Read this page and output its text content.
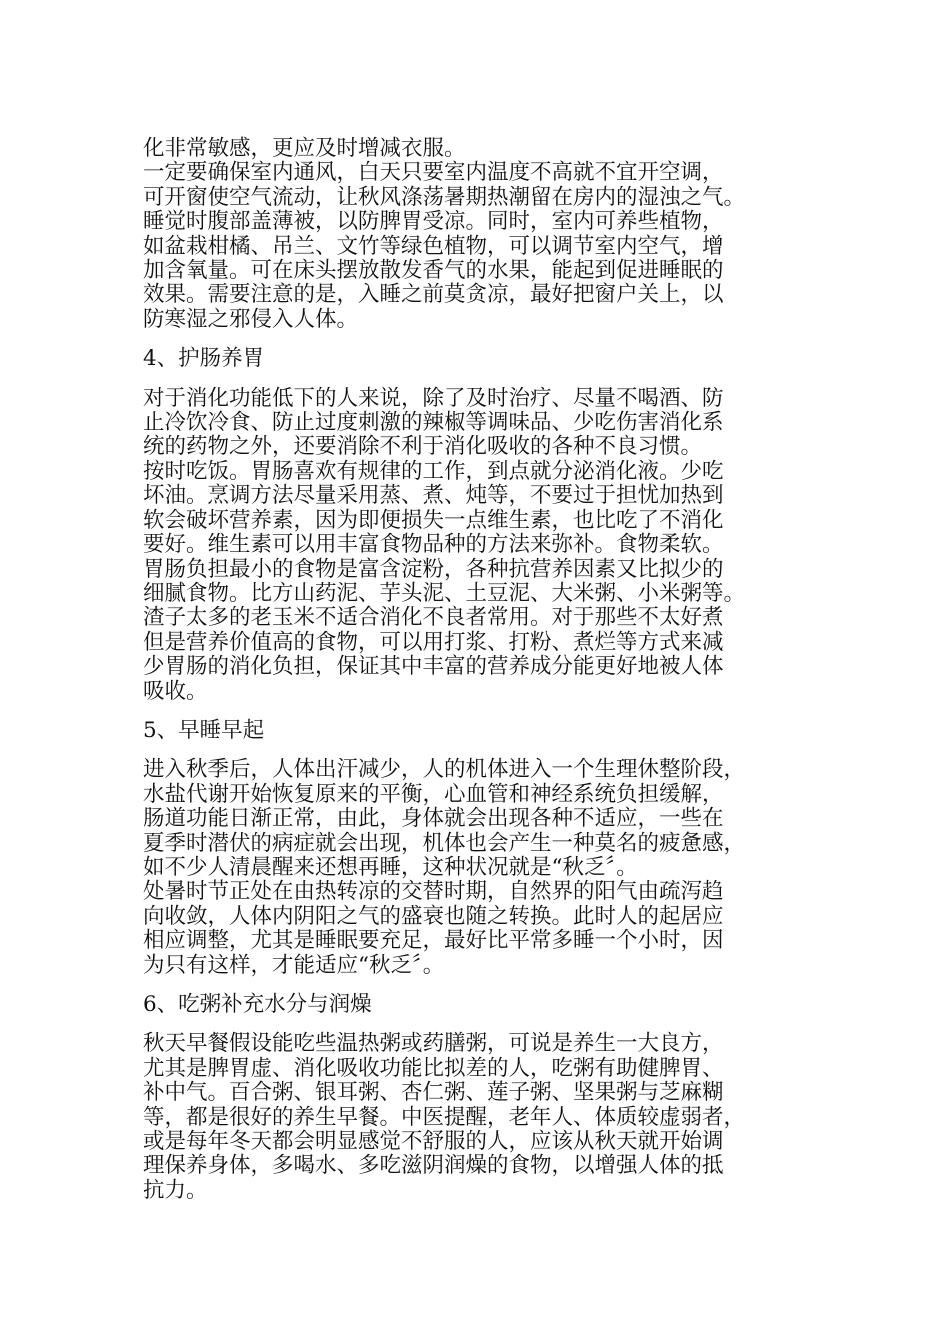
化非常敏感，更应及时增减衣服。
一定要确保室内通风，白天只要室内温度不高就不宜开空调，
可开窗使空气流动，让秋风涤荡暑期热潮留在房内的湿浊之气。
睡觉时腹部盖薄被，以防脾胃受凉。同时，室内可养些植物，
如盆栽柑橘、吊兰、文竹等绿色植物，可以调节室内空气，增
加含氧量。可在床头摆放散发香气的水果，能起到促进睡眠的
效果。需要注意的是，入睡之前莫贪凉，最好把窗户关上，以
防寒湿之邪侵入人体。
4、护肠养胃
对于消化功能低下的人来说，除了及时治疗、尽量不喝酒、防
止冷饮冷食、防止过度刺激的辣椒等调味品、少吃伤害消化系
统的药物之外，还要消除不利于消化吸收的各种不良习惯。
按时吃饭。胃肠喜欢有规律的工作，到点就分泌消化液。少吃
坏油。烹调方法尽量采用蒸、煮、炖等，不要过于担忧加热到
软会破坏营养素，因为即便损失一点维生素，也比吃了不消化
要好。维生素可以用丰富食物品种的方法来弥补。食物柔软。
胃肠负担最小的食物是富含淀粉，各种抗营养因素又比拟少的
细腻食物。比方山药泥、芋头泥、土豆泥、大米粥、小米粥等。
渣子太多的老玉米不适合消化不良者常用。对于那些不太好煮
但是营养价值高的食物，可以用打浆、打粉、煮烂等方式来减
少胃肠的消化负担，保证其中丰富的营养成分能更好地被人体
吸收。
5、早睡早起
进入秋季后，人体出汗减少，人的机体进入一个生理休整阶段，
水盐代谢开始恢复原来的平衡，心血管和神经系统负担缓解，
肠道功能日渐正常，由此，身体就会出现各种不适应，一些在
夏季时潜伏的病症就会出现，机体也会产生一种莫名的疲惫感，
如不少人清晨醒来还想再睡，这种状况就是“秋乏〞。
处暑时节正处在由热转凉的交替时期，自然界的阳气由疏泻趋
向收敛，人体内阴阳之气的盛衰也随之转换。此时人的起居应
相应调整，尤其是睡眠要充足，最好比平常多睡一个小时，因
为只有这样，才能适应“秋乏〞。
6、吃粥补充水分与润燥
秋天早餐假设能吃些温热粥或药膳粥，可说是养生一大良方，
尤其是脾胃虚、消化吸收功能比拟差的人，吃粥有助健脾胃、
补中气。百合粥、银耳粥、杏仁粥、莲子粥、坚果粥与芝麻糊
等，都是很好的养生早餐。中医提醒，老年人、体质较虚弱者，
或是每年冬天都会明显感觉不舒服的人，应该从秋天就开始调
理保养身体，多喝水、多吃滋阴润燥的食物，以增强人体的抵
抗力。
